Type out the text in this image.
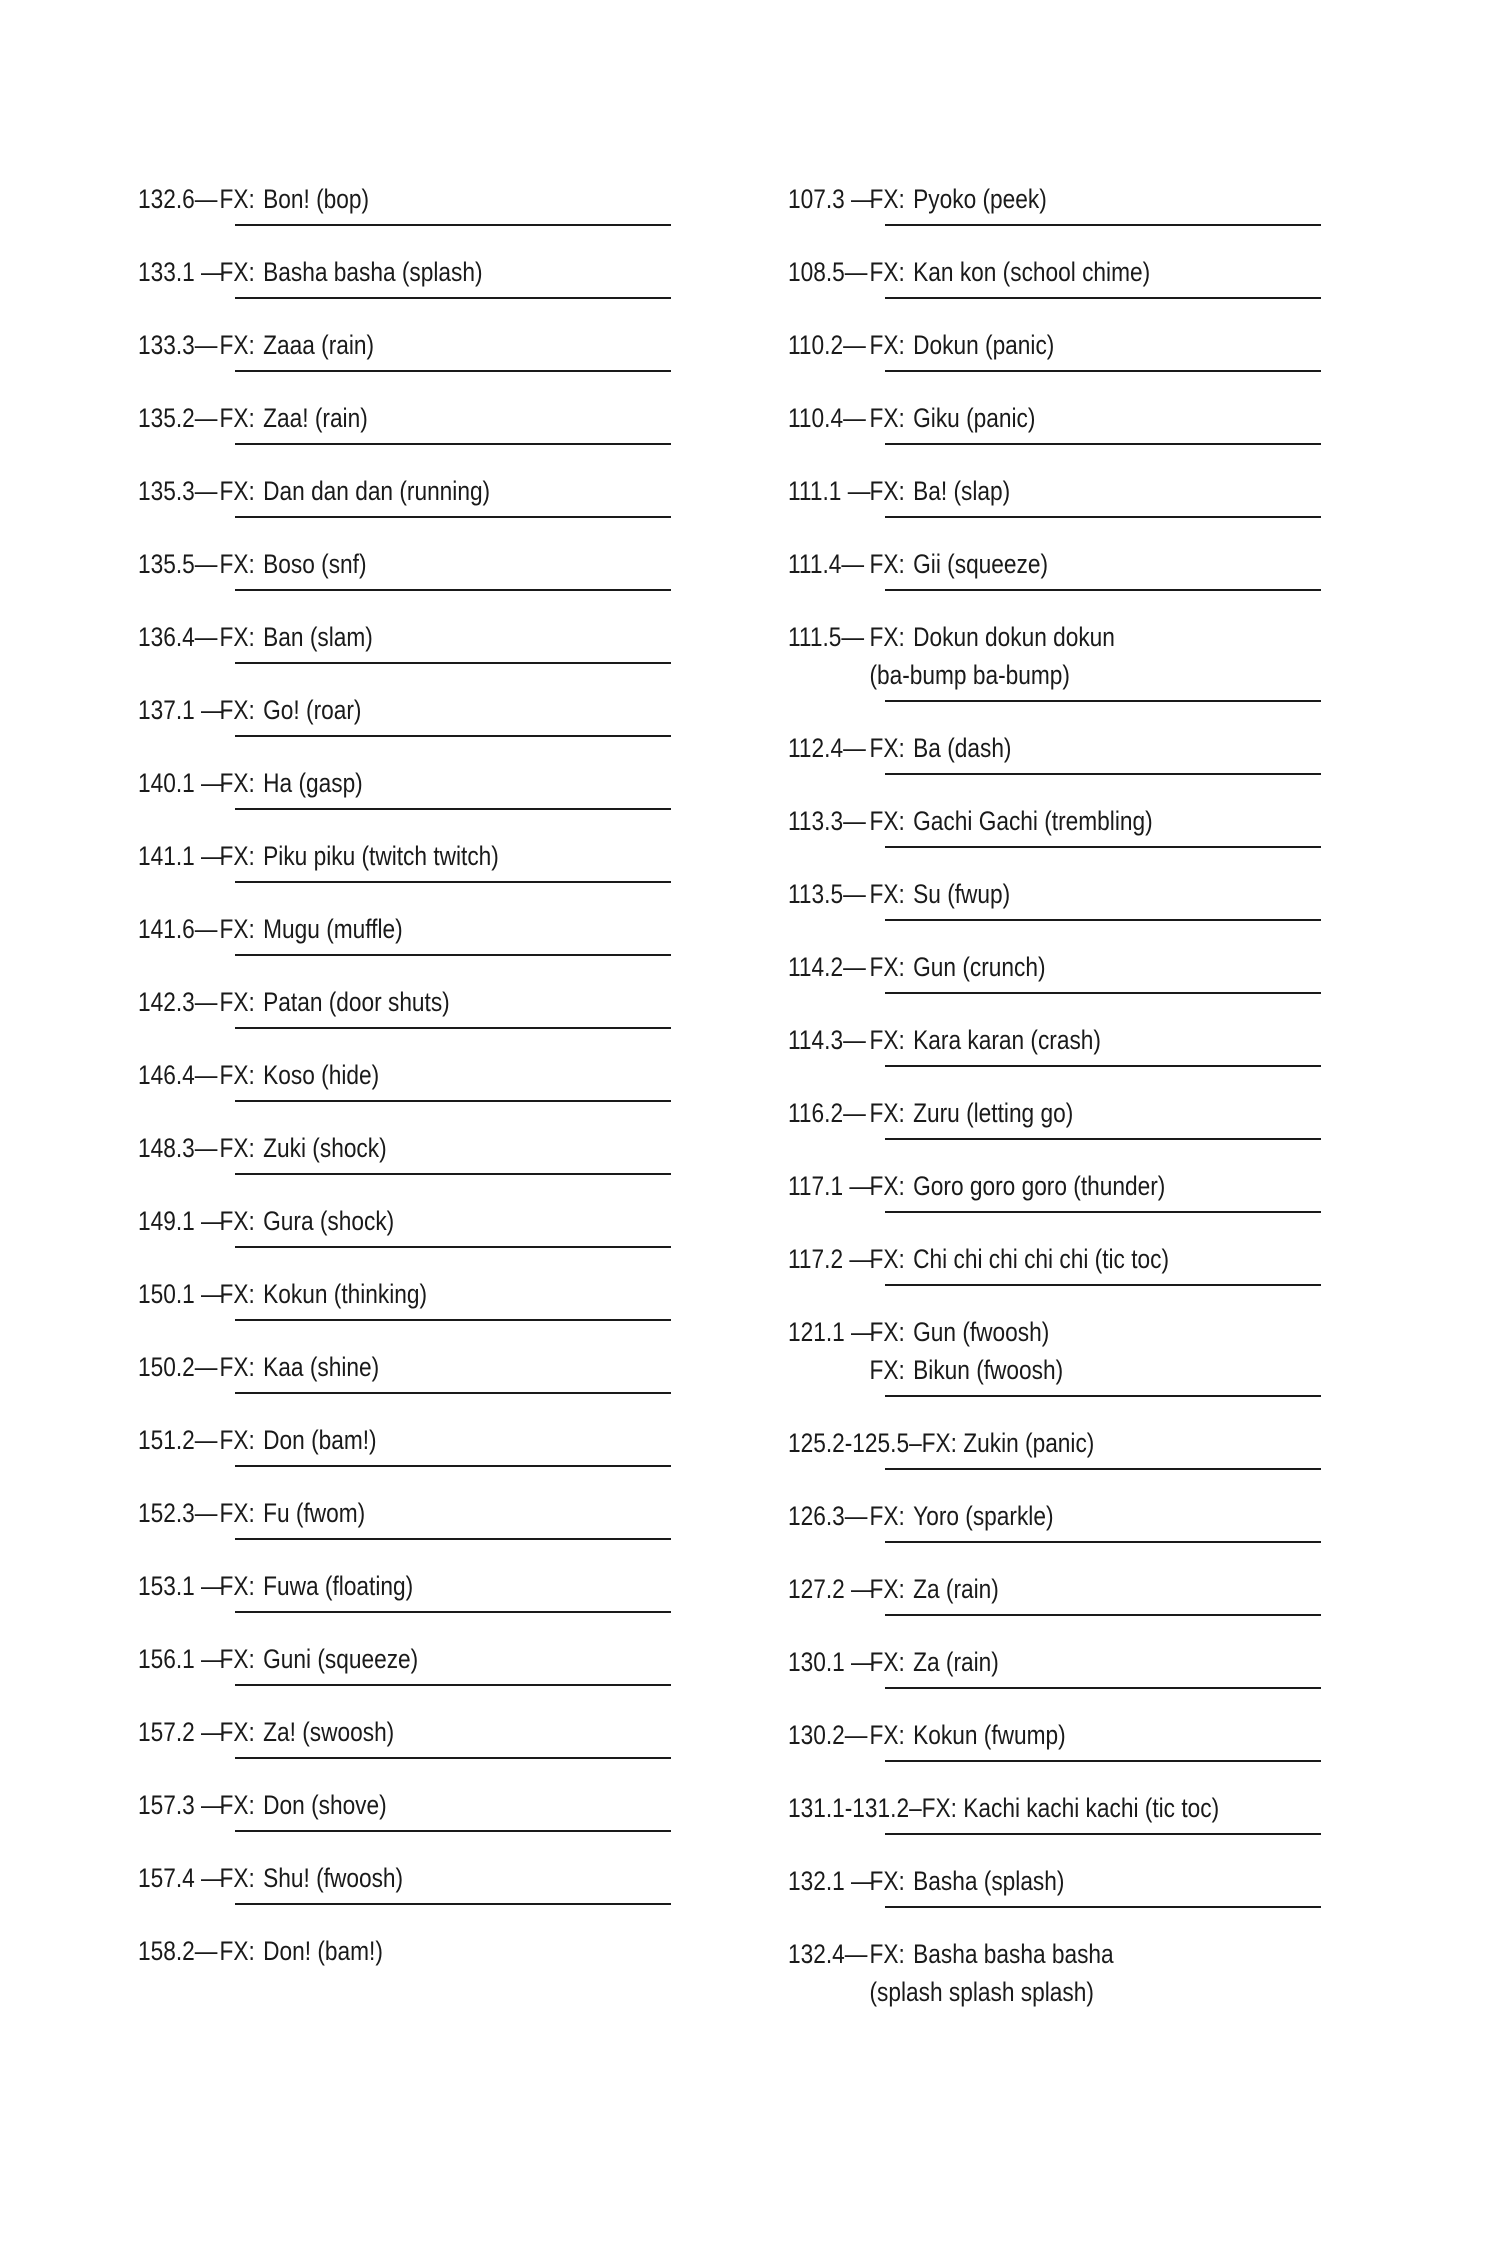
132.6— FX: Bon! (bop)
133.1 —
FX: Basha basha (splash)
133.3— FX: Zaaa (rain)
135.2— FX: Zaa! (rain)
135.3— FX: Dan dan dan (running)
135.5— FX: Boso (snf)
136.4— FX: Ban (slam)
137.1 —
FX: Go! (roar)
140.1 —
FX: Ha (gasp)
141.1 —
FX: Piku piku (twitch twitch)
141.6— FX: Mugu (muffle)
142.3— FX: Patan (door shuts)
146.4— FX: Koso (hide)
148.3— FX: Zuki (shock)
149.1 —
FX: Gura (shock)
150.1 —
FX: Kokun (thinking)
150.2— FX: Kaa (shine)
151.2— FX: Don (bam!)
152.3— FX: Fu (fwom)
153.1 —
FX: Fuwa (floating)
156.1 —
FX: Guni (squeeze)
157.2 —
FX: Za! (swoosh)
157.3 —
FX: Don (shove)
157.4 —
FX: Shu! (fwoosh)
158.2— FX: Don! (bam!)
107.3 —
FX: Pyoko (peek)
108.5— FX: Kan kon (school chime)
110.2— FX: Dokun (panic)
110.4— FX: Giku (panic)
111.1 — FX: Ba! (slap)
111.4— FX: Gii (squeeze)
111.5— FX: Dokun dokun dokun
(ba-bump ba-bump)
112.4— FX: Ba (dash)
113.3— FX: Gachi Gachi (trembling)
113.5— FX: Su (fwup)
114.2— FX: Gun (crunch)
114.3— FX: Kara karan (crash)
116.2— FX: Zuru (letting go)
117.1 —
FX: Goro goro goro (thunder)
117.2 —
FX: Chi chi chi chi chi (tic toc)
121.1 —
FX: Gun (fwoosh)
FX: Bikun (fwoosh)
125.2-125.5–FX: Zukin (panic)
126.3— FX: Yoro (sparkle)
127.2 —
FX: Za (rain)
130.1 —
FX: Za (rain)
130.2— FX: Kokun (fwump)
131.1-131.2–FX: Kachi kachi kachi (tic toc)
132.1 —
FX: Basha (splash)
132.4— FX: Basha basha basha
(splash splash splash)
